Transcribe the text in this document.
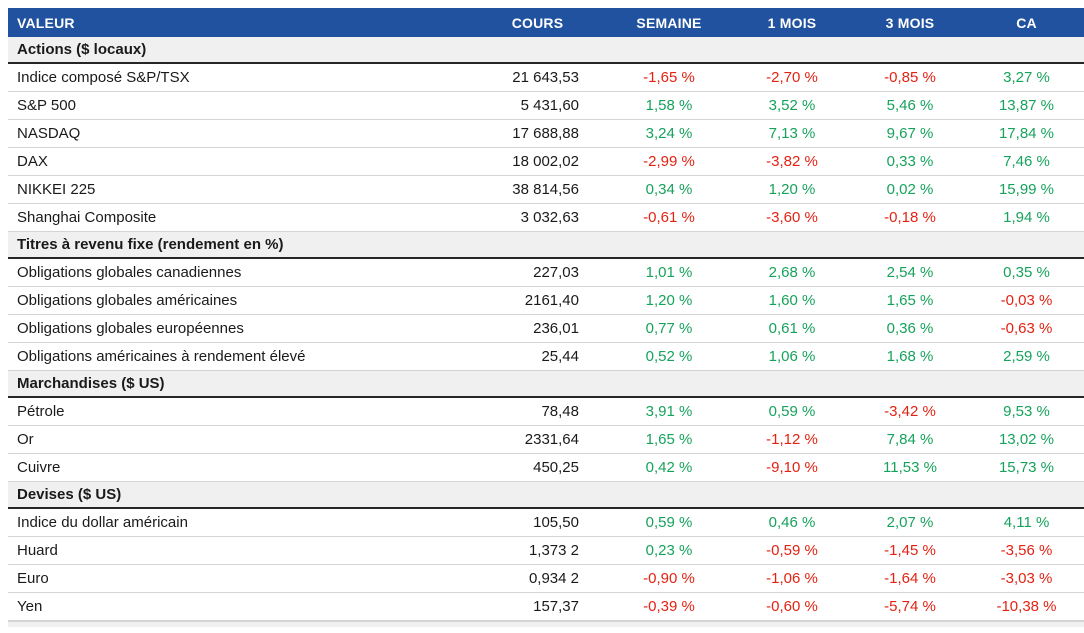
VALEUR	COURS	SEMAINE	1 MOIS	3 MOIS	CA
Actions ($ locaux)
Indice composé S&P/TSX	21 643,53	-1,65 %	-2,70 %	-0,85 %	3,27 %
S&P 500	5 431,60	1,58 %	3,52 %	5,46 %	13,87 %
NASDAQ	17 688,88	3,24 %	7,13 %	9,67 %	17,84 %
DAX	18 002,02	-2,99 %	-3,82 %	0,33 %	7,46 %
NIKKEI 225	38 814,56	0,34 %	1,20 %	0,02 %	15,99 %
Shanghai Composite	3 032,63	-0,61 %	-3,60 %	-0,18 %	1,94 %
Titres à revenu fixe (rendement en %)
Obligations globales canadiennes	227,03	1,01 %	2,68 %	2,54 %	0,35 %
Obligations globales américaines	2161,40	1,20 %	1,60 %	1,65 %	-0,03 %
Obligations globales européennes	236,01	0,77 %	0,61 %	0,36 %	-0,63 %
Obligations américaines à rendement élevé	25,44	0,52 %	1,06 %	1,68 %	2,59 %
Marchandises ($ US)
Pétrole	78,48	3,91 %	0,59 %	-3,42 %	9,53 %
Or	2331,64	1,65 %	-1,12 %	7,84 %	13,02 %
Cuivre	450,25	0,42 %	-9,10 %	11,53 %	15,73 %
Devises ($ US)
Indice du dollar américain	105,50	0,59 %	0,46 %	2,07 %	4,11 %
Huard	1,373 2	0,23 %	-0,59 %	-1,45 %	-3,56 %
Euro	0,934 2	-0,90 %	-1,06 %	-1,64 %	-3,03 %
Yen	157,37	-0,39 %	-0,60 %	-5,74 %	-10,38 %
